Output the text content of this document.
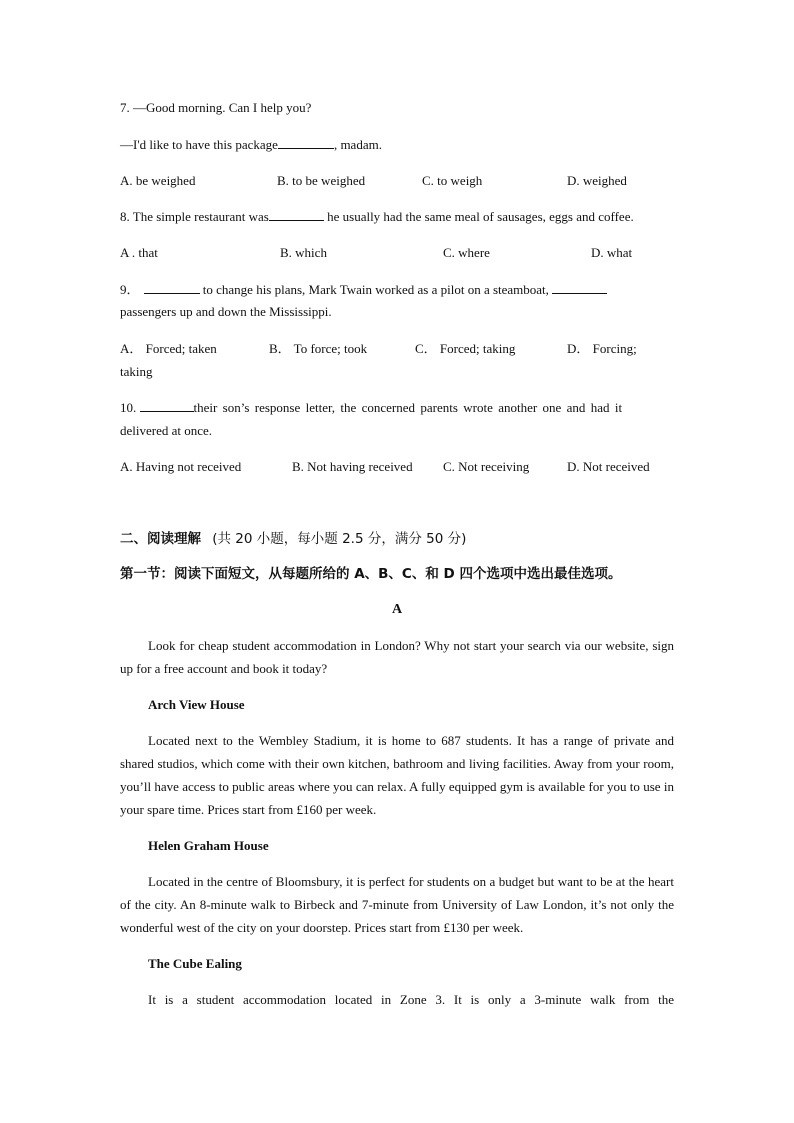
7. —Good morning. Can I help you?
—I'd like to have this package	, madam.
A. be weighed	B. to be weighed	C. to weigh	D. weighed
8. The simple restaurant was	he usually had the same meal of sausages, eggs and coffee.
A . that	B. which	C. where	D. what
9．	to change his plans, Mark Twain worked as a pilot on a steamboat,
passengers up and down the Mississippi.
A． Forced; taken	B． To force; took	C． Forced; taking	D． Forcing;
taking
10.	their son’s response letter, the concerned parents wrote another one and had it
delivered at once.
A. Having not received	B. Not having received C. Not receiving	D. Not received
二、阅读理解 (共 20 小题，每小题 2.5 分，满分 50 分)
第一节：阅读下面短文，从每题所给的 A、B、C、和 D 四个选项中选出最佳选项。
A
Look for cheap student accommodation in London? Why not start your search via our website, sign up for a free account and book it today?
Arch View House
Located next to the Wembley Stadium, it is home to 687 students. It has a range of private and shared studios, which come with their own kitchen, bathroom and living facilities. Away from your room, you’ll have access to public areas where you can relax. A fully equipped gym is available for you to use in your spare time. Prices start from £160 per week.
Helen Graham House
Located in the centre of Bloomsbury, it is perfect for students on a budget but want to be at the heart of the city. An 8-minute walk to Birbeck and 7-minute from University of Law London, it’s not only the wonderful west of the city on your doorstep. Prices start from £130 per week.
The Cube Ealing
It is a student accommodation located in Zone 3. It is only a 3-minute walk from the
